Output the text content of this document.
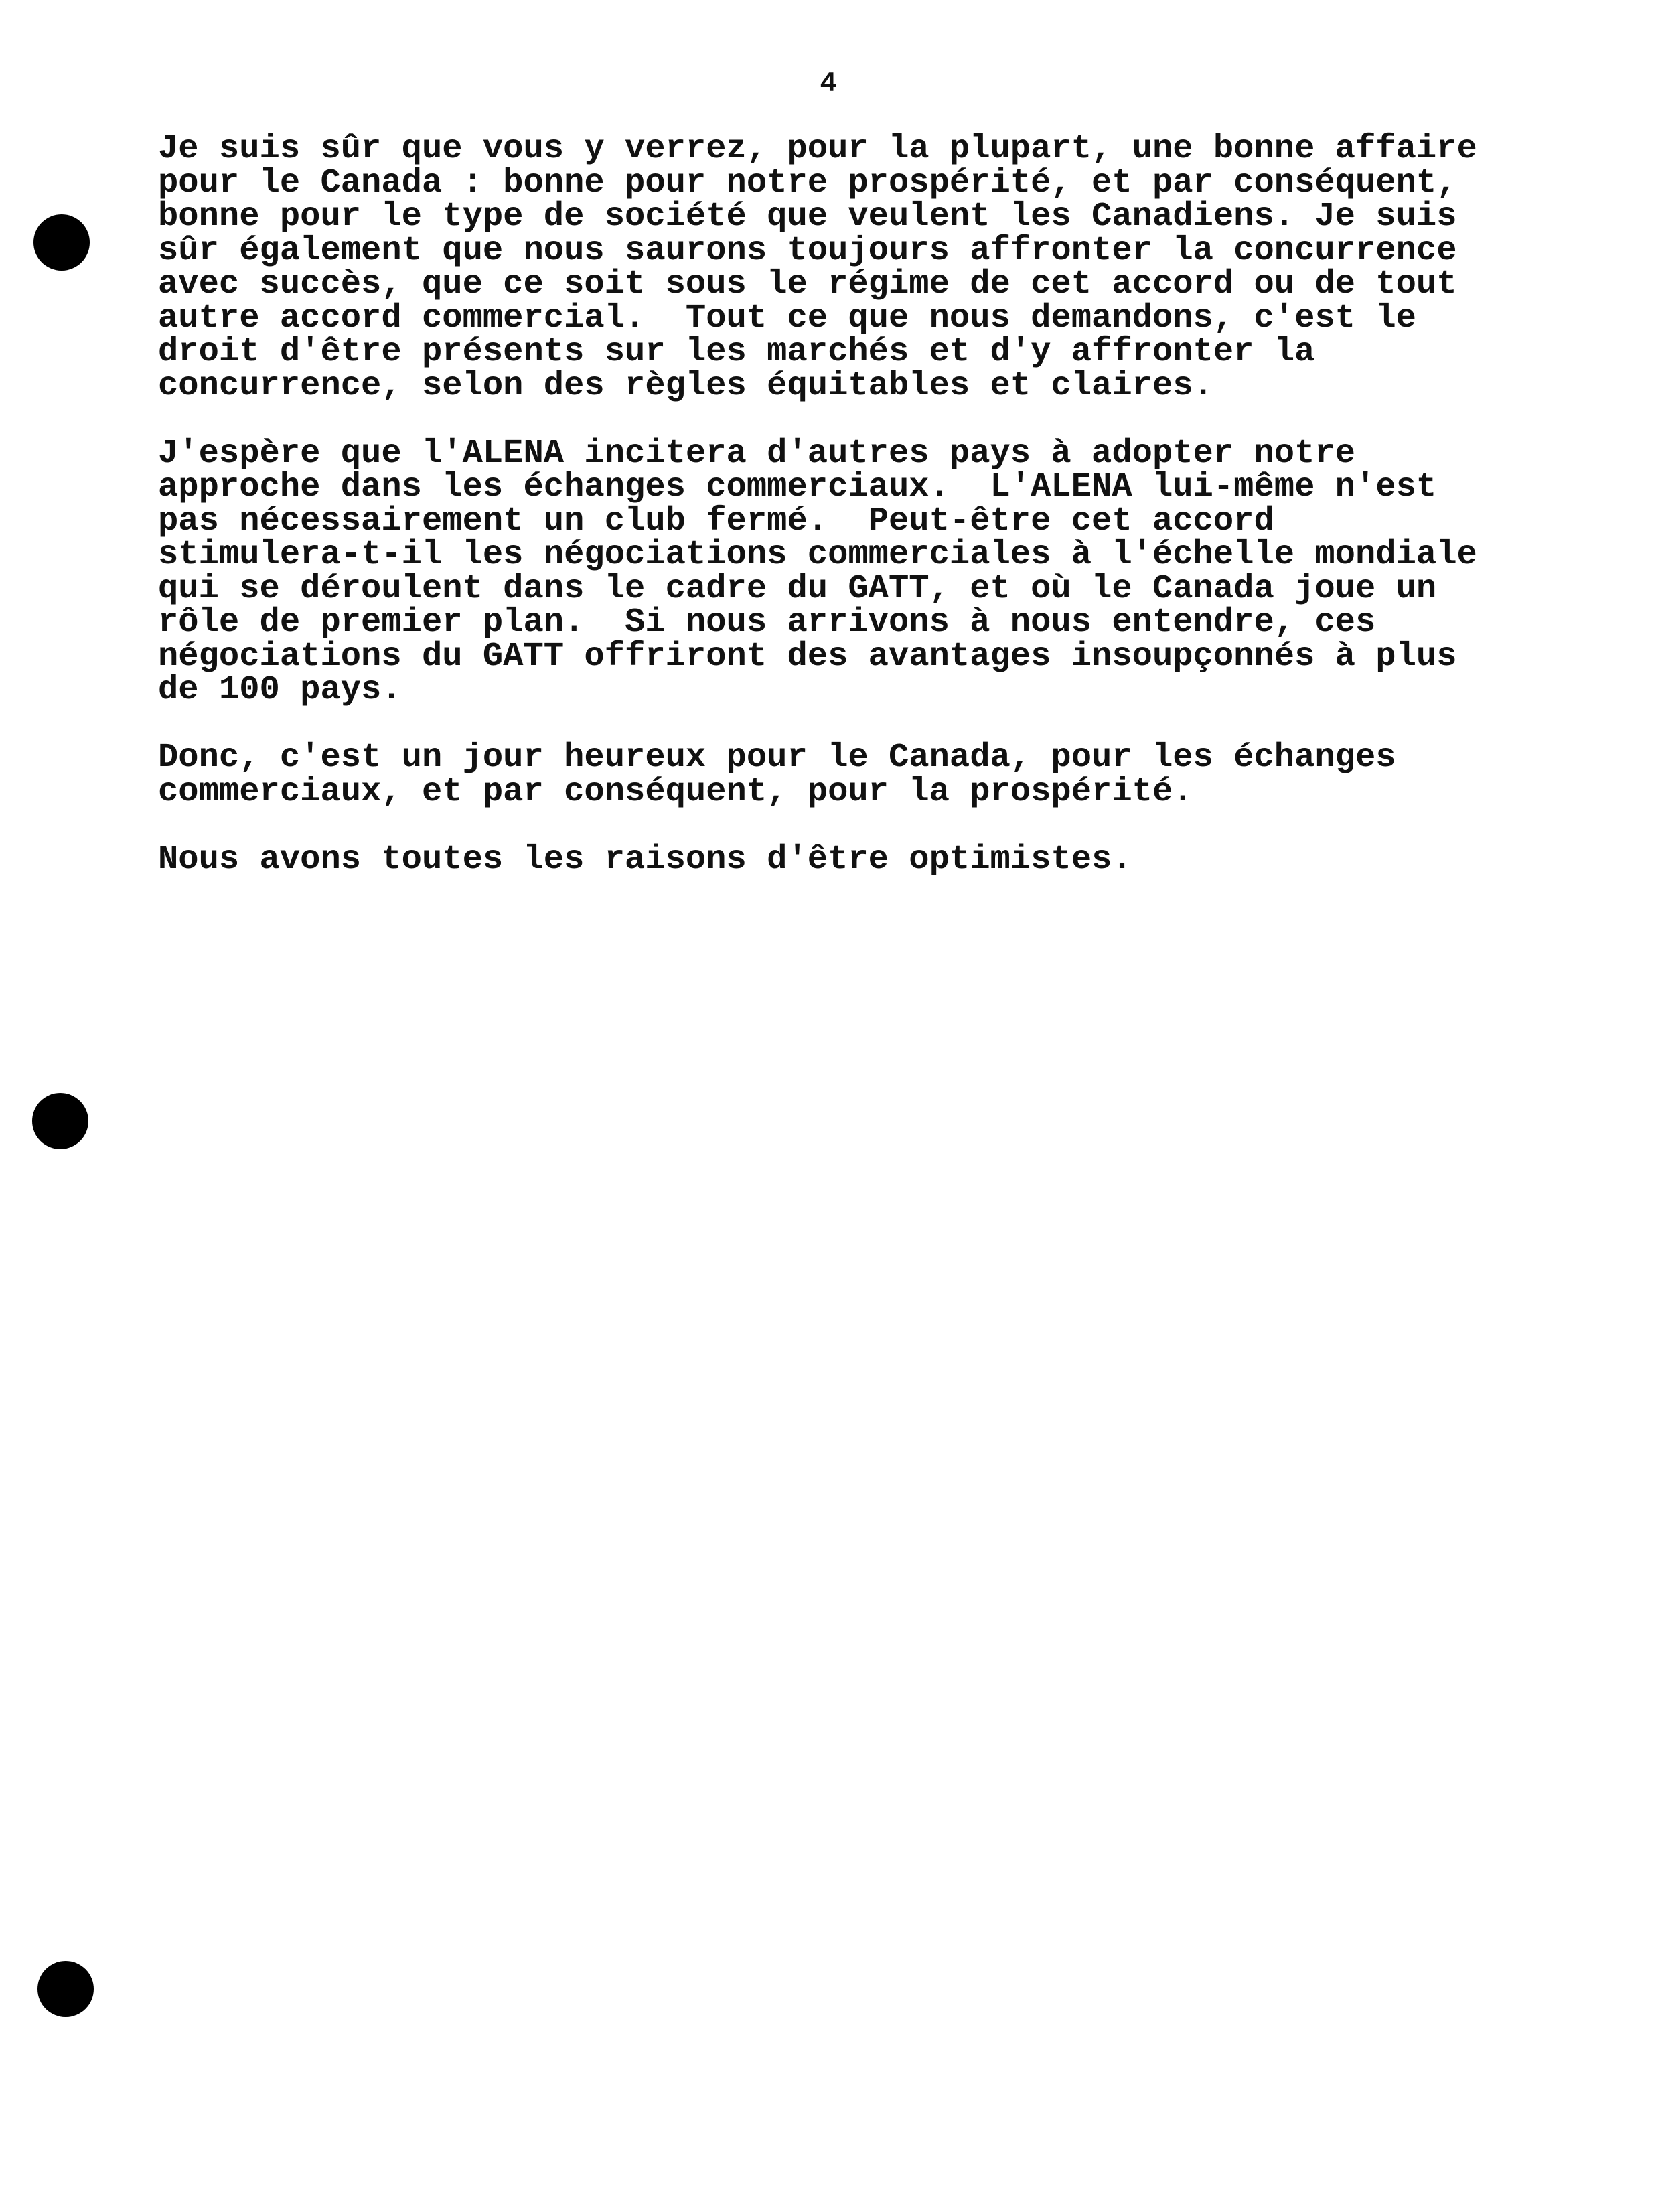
4

Je suis sûr que vous y verrez, pour la plupart, une bonne affaire
pour le Canada : bonne pour notre prospérité, et par conséquent,
bonne pour le type de société que veulent les Canadiens. Je suis
sûr également que nous saurons toujours affronter la concurrence
avec succès, que ce soit sous le régime de cet accord ou de tout
autre accord commercial.  Tout ce que nous demandons, c'est le
droit d'être présents sur les marchés et d'y affronter la
concurrence, selon des règles équitables et claires.

J'espère que l'ALENA incitera d'autres pays à adopter notre
approche dans les échanges commerciaux.  L'ALENA lui-même n'est
pas nécessairement un club fermé.  Peut-être cet accord
stimulera-t-il les négociations commerciales à l'échelle mondiale
qui se déroulent dans le cadre du GATT, et où le Canada joue un
rôle de premier plan.  Si nous arrivons à nous entendre, ces
négociations du GATT offriront des avantages insoupçonnés à plus
de 100 pays.

Donc, c'est un jour heureux pour le Canada, pour les échanges
commerciaux, et par conséquent, pour la prospérité.

Nous avons toutes les raisons d'être optimistes.
